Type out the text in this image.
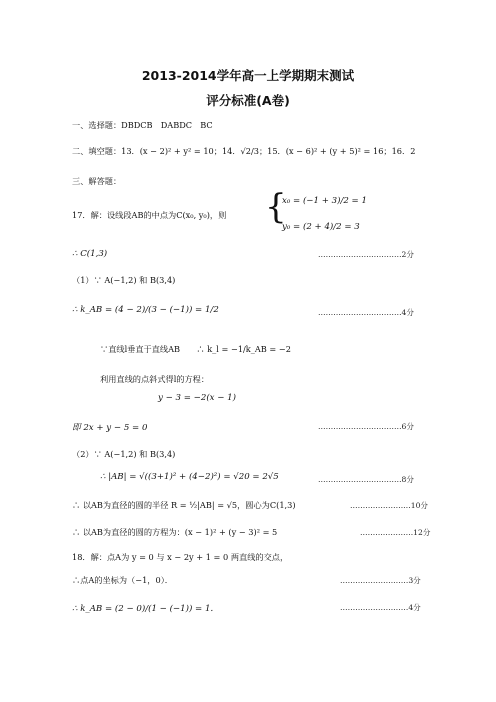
2013-2014学年高一上学期期末测试
评分标准(A卷)
一、选择题：DBDCB　DABDC　BC
二、填空题：13．(x − 2)² + y² = 10；14．√2/3；15．(x − 6)² + (y + 5)² = 16；16．2
三、解答题：
17．解：设线段AB的中点为C(x₀, y₀)，则 {
x₀ = (−1 + 3)/2 = 1
y₀ = (2 + 4)/2 = 3
∴ C(1,3)	……………………………2分
（1）∵ A(−1,2) 和 B(3,4)
∴ k_AB = (4 − 2)/(3 − (−1)) = 1/2	……………………………4分
∵直线l垂直于直线AB　　∴ k_l = −1/k_AB = −2
利用直线的点斜式得l的方程：
y − 3 = −2(x − 1)
即 2x + y − 5 = 0	……………………………6分
（2）∵ A(−1,2) 和 B(3,4)
∴ |AB| = √((3+1)² + (4−2)²) = √20 = 2√5	……………………………8分
∴ 以AB为直径的圆的半径 R = ½|AB| = √5，圆心为C(1,3)	……………………10分
∴ 以AB为直径的圆的方程为：(x − 1)² + (y − 3)² = 5	…………………12分
18．解：点A为 y = 0 与 x − 2y + 1 = 0 两直线的交点，
∴点A的坐标为（−1，0）．	………………………3分
∴ k_AB = (2 − 0)/(1 − (−1)) = 1．	………………………4分
